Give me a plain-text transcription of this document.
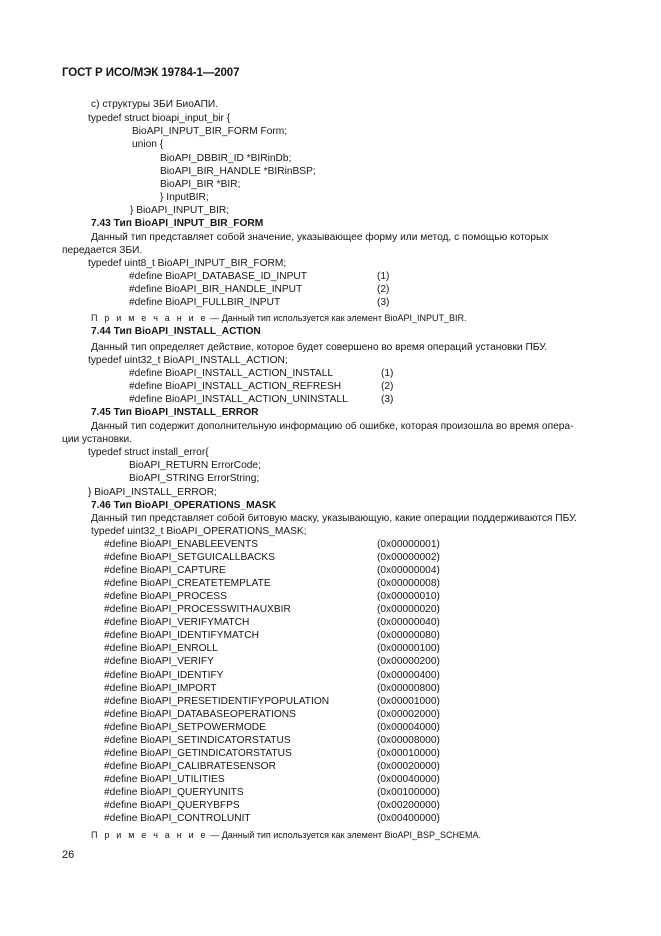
ГОСТ Р ИСО/МЭК 19784-1—2007
с) структуры ЗБИ БиоАПИ.
typedef struct bioapi_input_bir {
BioAPI_INPUT_BIR_FORM Form;
union {
BioAPI_DBBIR_ID *BIRinDb;
BioAPI_BIR_HANDLE *BIRinBSP;
BioAPI_BIR *BIR;
} InputBIR;
} BioAPI_INPUT_BIR;
7.43 Тип BioAPI_INPUT_BIR_FORM
Данный тип представляет собой значение, указывающее форму или метод, с помощью которых
передается ЗБИ.
typedef uint8_t BioAPI_INPUT_BIR_FORM;
#define BioAPI_DATABASE_ID_INPUT	(1)
#define BioAPI_BIR_HANDLE_INPUT	(2)
#define BioAPI_FULLBIR_INPUT	(3)
П р и м е ч а н и е — Данный тип используется как элемент BioAPI_INPUT_BIR.
7.44 Тип BioAPI_INSTALL_ACTION
Данный тип определяет действие, которое будет совершено во время операций установки ПБУ.
typedef uint32_t BioAPI_INSTALL_ACTION;
#define BioAPI_INSTALL_ACTION_INSTALL	(1)
#define BioAPI_INSTALL_ACTION_REFRESH	(2)
#define BioAPI_INSTALL_ACTION_UNINSTALL	(3)
7.45 Тип BioAPI_INSTALL_ERROR
Данный тип содержит дополнительную информацию об ошибке, которая произошла во время опера-
ции установки.
typedef struct install_error{
BioAPI_RETURN ErrorCode;
BioAPI_STRING ErrorString;
} BioAPI_INSTALL_ERROR;
7.46 Тип BioAPI_OPERATIONS_MASK
Данный тип представляет собой битовую маску, указывающую, какие операции поддерживаются ПБУ.
typedef uint32_t BioAPI_OPERATIONS_MASK;
#define BioAPI_ENABLEEVENTS	(0x00000001)
#define BioAPI_SETGUICALLBACKS	(0x00000002)
#define BioAPI_CAPTURE	(0x00000004)
#define BioAPI_CREATETEMPLATE	(0x00000008)
#define BioAPI_PROCESS	(0x00000010)
#define BioAPI_PROCESSWITHAUXBIR	(0x00000020)
#define BioAPI_VERIFYMATCH	(0x00000040)
#define BioAPI_IDENTIFYMATCH	(0x00000080)
#define BioAPI_ENROLL	(0x00000100)
#define BioAPI_VERIFY	(0x00000200)
#define BioAPI_IDENTIFY	(0x00000400)
#define BioAPI_IMPORT	(0x00000800)
#define BioAPI_PRESETIDENTIFYPOPULATION	(0x00001000)
#define BioAPI_DATABASEOPERATIONS	(0x00002000)
#define BioAPI_SETPOWERMODE	(0x00004000)
#define BioAPI_SETINDICATORSTATUS	(0x00008000)
#define BioAPI_GETINDICATORSTATUS	(0x00010000)
#define BioAPI_CALIBRATESENSOR	(0x00020000)
#define BioAPI_UTILITIES	(0x00040000)
#define BioAPI_QUERYUNITS	(0x00100000)
#define BioAPI_QUERYBFPS	(0x00200000)
#define BioAPI_CONTROLUNIT	(0x00400000)
П р и м е ч а н и е — Данный тип используется как элемент BioAPI_BSP_SCHEMA.
26
